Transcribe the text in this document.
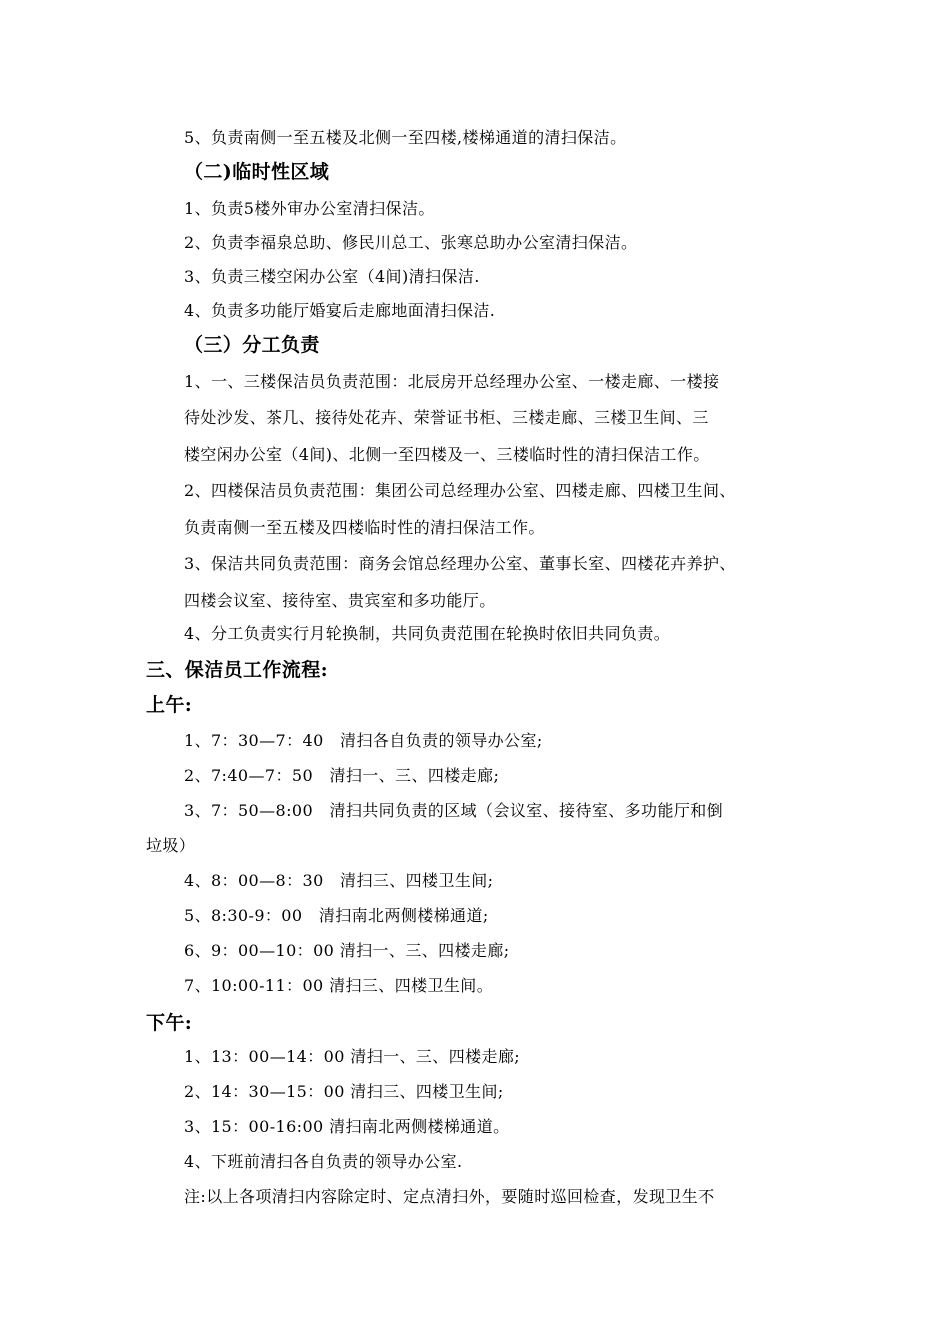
5、负责南侧一至五楼及北侧一至四楼,楼梯通道的清扫保洁。
（二)临时性区域
1、负责5楼外审办公室清扫保洁。
2、负责李福泉总助、修民川总工、张寒总助办公室清扫保洁。
3、负责三楼空闲办公室（4间)清扫保洁.
4、负责多功能厅婚宴后走廊地面清扫保洁.
（三）分工负责
1、一、三楼保洁员负责范围：北辰房开总经理办公室、一楼走廊、一楼接
待处沙发、茶几、接待处花卉、荣誉证书柜、三楼走廊、三楼卫生间、三
楼空闲办公室（4间)、北侧一至四楼及一、三楼临时性的清扫保洁工作。
2、四楼保洁员负责范围：集团公司总经理办公室、四楼走廊、四楼卫生间、
负责南侧一至五楼及四楼临时性的清扫保洁工作。
3、保洁共同负责范围：商务会馆总经理办公室、董事长室、四楼花卉养护、
四楼会议室、接待室、贵宾室和多功能厅。
4、分工负责实行月轮换制，共同负责范围在轮换时依旧共同负责。
三、保洁员工作流程:
上午:
1、7：30—7：40　清扫各自负责的领导办公室;
2、7:40—7：50　清扫一、三、四楼走廊;
3、7：50—8:00　清扫共同负责的区域（会议室、接待室、多功能厅和倒
垃圾）
4、8：00—8：30　清扫三、四楼卫生间;
5、8:30-9：00　清扫南北两侧楼梯通道;
6、9：00—10：00 清扫一、三、四楼走廊;
7、10:00-11：00 清扫三、四楼卫生间。
下午:
1、13：00—14：00 清扫一、三、四楼走廊;
2、14：30—15：00 清扫三、四楼卫生间;
3、15：00-16:00 清扫南北两侧楼梯通道。
4、下班前清扫各自负责的领导办公室.
注:以上各项清扫内容除定时、定点清扫外，要随时巡回检查，发现卫生不
